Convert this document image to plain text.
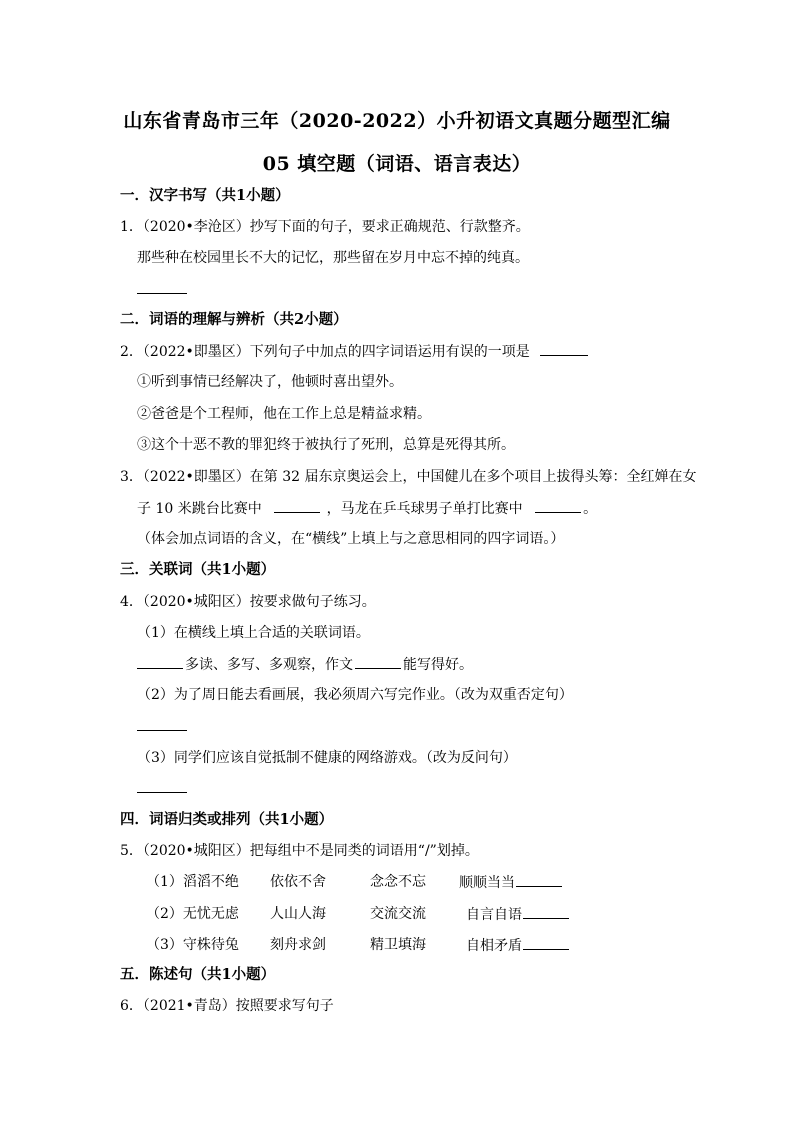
山东省青岛市三年（2020-2022）小升初语文真题分题型汇编
05 填空题（词语、语言表达）
一．汉字书写（共1小题）
1．（2020•李沧区）抄写下面的句子，要求正确规范、行款整齐。
那些种在校园里长不大的记忆，那些留在岁月中忘不掉的纯真。
二．词语的理解与辨析（共2小题）
2．（2022•即墨区）下列句子中加点的四字词语运用有误的一项是
①听到事情已经解决了，他顿时喜出望外。
②爸爸是个工程师，他在工作上总是精益求精。
③这个十恶不教的罪犯终于被执行了死刑，总算是死得其所。
3．（2022•即墨区）在第 32 届东京奥运会上，中国健儿在多个项目上拔得头筹：全红婵在女
子 10 米跳台比赛中	，马龙在乒乓球男子单打比赛中	。
（体会加点词语的含义，在“横线”上填上与之意思相同的四字词语。）
三．关联词（共1小题）
4．（2020•城阳区）按要求做句子练习。
（1）在横线上填上合适的关联词语。
多读、多写、多观察，作文	能写得好。
（2）为了周日能去看画展，我必须周六写完作业。（改为双重否定句）
（3）同学们应该自觉抵制不健康的网络游戏。（改为反问句）
四．词语归类或排列（共1小题）
5．（2020•城阳区）把每组中不是同类的词语用“/”划掉。
（1）滔滔不绝 依依不舍	念念不忘 顺顺当当
（2）无忧无虑 人山人海	交流交流	自言自语
（3）守株待兔 刻舟求剑	精卫填海	自相矛盾
五．陈述句（共1小题）
6．（2021•青岛）按照要求写句子
